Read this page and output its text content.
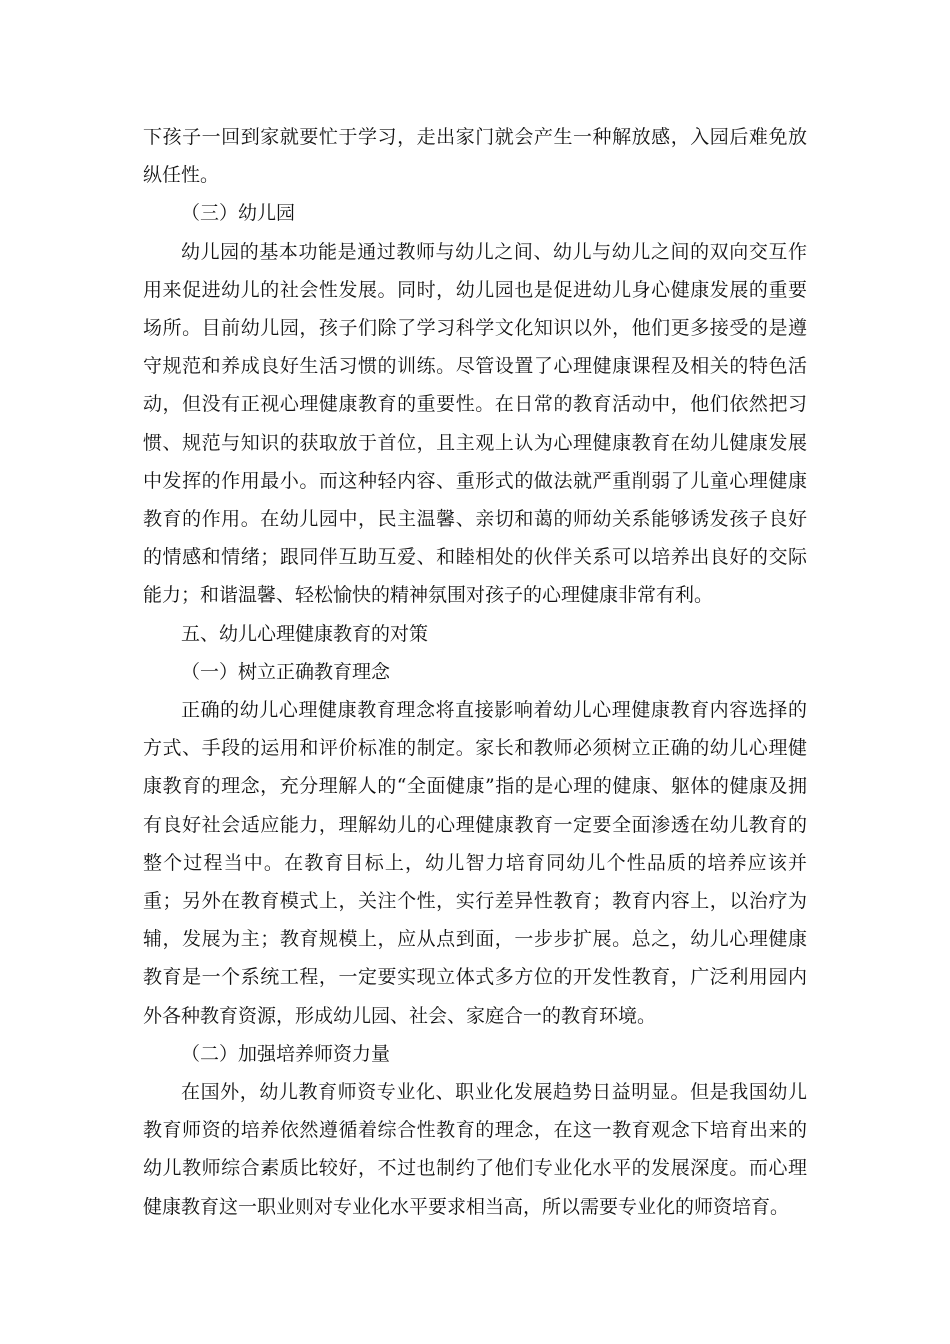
下孩子一回到家就要忙于学习，走出家门就会产生一种解放感，入园后难免放纵任性。

（三）幼儿园

幼儿园的基本功能是通过教师与幼儿之间、幼儿与幼儿之间的双向交互作用来促进幼儿的社会性发展。同时，幼儿园也是促进幼儿身心健康发展的重要场所。目前幼儿园，孩子们除了学习科学文化知识以外，他们更多接受的是遵守规范和养成良好生活习惯的训练。尽管设置了心理健康课程及相关的特色活动，但没有正视心理健康教育的重要性。在日常的教育活动中，他们依然把习惯、规范与知识的获取放于首位，且主观上认为心理健康教育在幼儿健康发展中发挥的作用最小。而这种轻内容、重形式的做法就严重削弱了儿童心理健康教育的作用。在幼儿园中，民主温馨、亲切和蔼的师幼关系能够诱发孩子良好的情感和情绪；跟同伴互助互爱、和睦相处的伙伴关系可以培养出良好的交际能力；和谐温馨、轻松愉快的精神氛围对孩子的心理健康非常有利。

五、幼儿心理健康教育的对策

（一）树立正确教育理念

正确的幼儿心理健康教育理念将直接影响着幼儿心理健康教育内容选择的方式、手段的运用和评价标准的制定。家长和教师必须树立正确的幼儿心理健康教育的理念，充分理解人的“全面健康”指的是心理的健康、躯体的健康及拥有良好社会适应能力，理解幼儿的心理健康教育一定要全面渗透在幼儿教育的整个过程当中。在教育目标上，幼儿智力培育同幼儿个性品质的培养应该并重；另外在教育模式上，关注个性，实行差异性教育；教育内容上，以治疗为辅，发展为主；教育规模上，应从点到面，一步步扩展。总之，幼儿心理健康教育是一个系统工程，一定要实现立体式多方位的开发性教育，广泛利用园内外各种教育资源，形成幼儿园、社会、家庭合一的教育环境。

（二）加强培养师资力量

在国外，幼儿教育师资专业化、职业化发展趋势日益明显。但是我国幼儿教育师资的培养依然遵循着综合性教育的理念，在这一教育观念下培育出来的幼儿教师综合素质比较好，不过也制约了他们专业化水平的发展深度。而心理健康教育这一职业则对专业化水平要求相当高，所以需要专业化的师资培育。
